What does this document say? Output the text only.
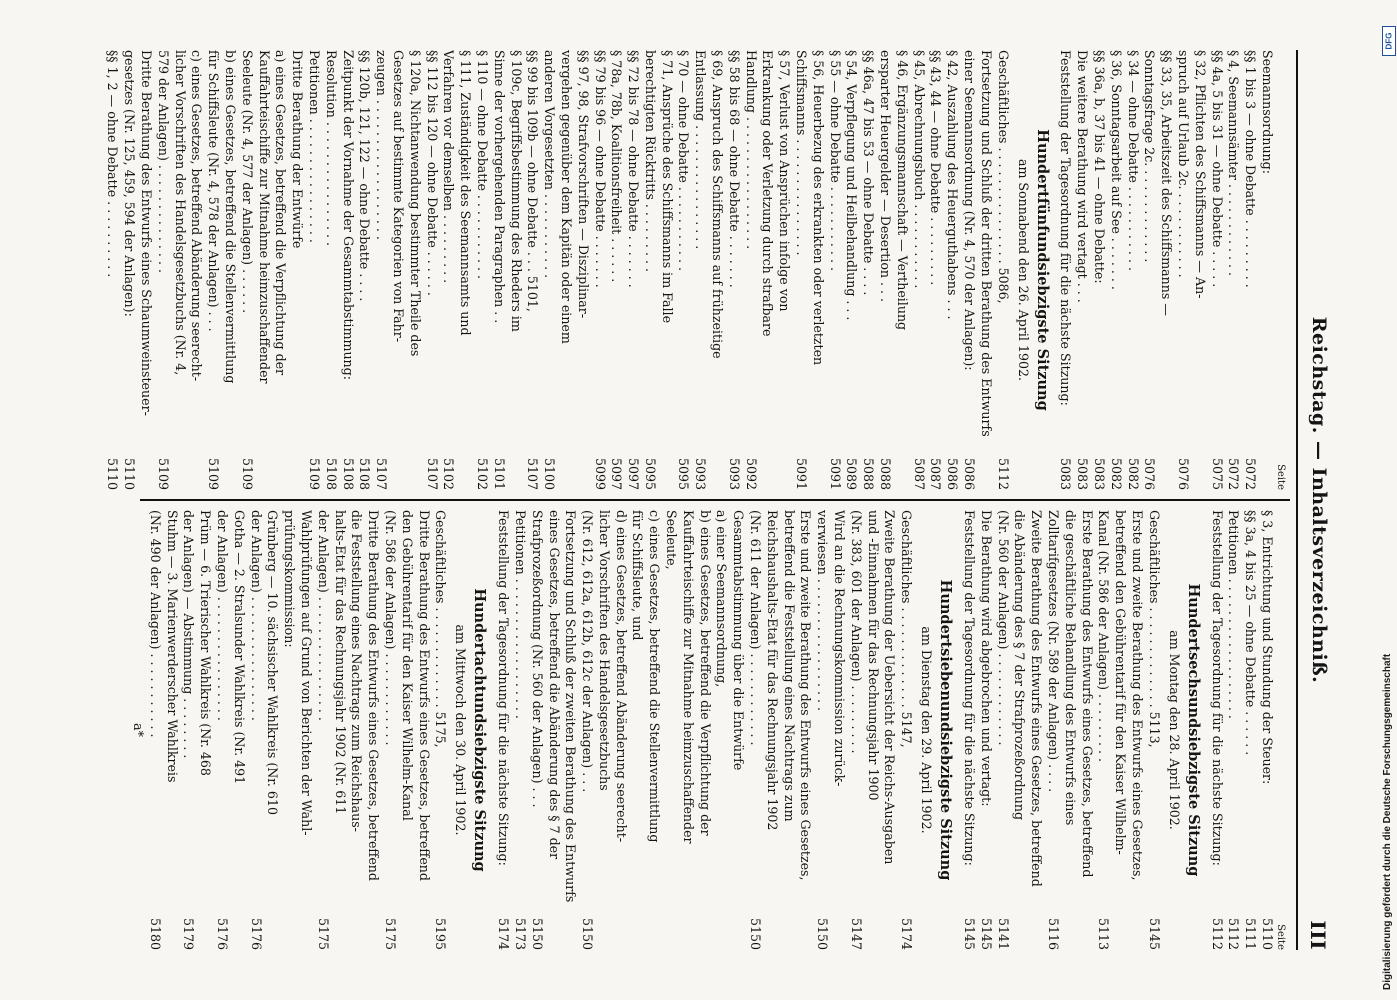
Reichstag. — Inhaltsverzeichniß.
III
Seite
Seemannsordnung:
§§ 1 bis 3 — ohne Debatte . . . . . . . . .
5072
§ 4, Seemannsämter . . . . . . . . . . . .
5072
§§ 4a, 5 bis 31 — ohne Debatte . . . . .
5075
§ 32, Pflichten des Schiffsmanns — An-
spruch auf Urlaub 2c. . . . . . . . . . . .
5076
§§ 33, 35, Arbeitszeit des Schiffsmanns —
Sonntagsfrage 2c. . . . . . . . . . . . .
5076
§ 34 — ohne Debatte . . . . . . . . . . .
5082
§ 36, Sonntagsarbeit auf See . . . . . . .
5082
§§ 36a, b, 37 bis 41 — ohne Debatte:
5083
Die weitere Berathung wird vertagt . . .
5083
Feststellung der Tagesordnung für die nächste Sitzung:
5083
Hundertfünfundsiebzigste Sitzung
am Sonnabend den 26. April 1902.
Geschäftliches . . . . . . . . . . . . . . . 5086,
5112
Fortsetzung und Schluß der dritten Berathung des Entwurfs
einer Seemannsordnung (Nr. 4, 570 der Anlagen):
5086
§ 42, Auszahlung des Heuerguthabens . . .
5086
§§ 43, 44 — ohne Debatte . . . . . . . . .
5087
§ 45, Abrechnungsbuch . . . . . . . . . . .
5087
§ 46, Ergänzungsmannschaft — Vertheilung
ersparter Heuergelder — Desertion . . .
5088
§§ 46a, 47 bis 53 — ohne Debatte . . . .
5088
§ 54, Verpflegung und Heilbehandlung . . .
5089
§ 55 — ohne Debatte . . . . . . . . . . .
5091
§ 56, Heuerbezug des erkrankten oder verletzten
Schiffsmanns . . . . . . . . . . . . . . .
5091
§ 57, Verlust von Ansprüchen infolge von
Erkrankung oder Verletzung durch strafbare
Handlung . . . . . . . . . . . . . . . . .
5092
§§ 58 bis 68 — ohne Debatte . . . . . . .
5093
§ 69, Anspruch des Schiffsmanns auf frühzeitige
Entlassung . . . . . . . . . . . . . . . .
5093
§ 70 — ohne Debatte . . . . . . . . . . .
5095
§ 71, Ansprüche des Schiffsmanns im Falle
berechtigten Rücktritts . . . . . . . . .
5095
§§ 72 bis 78 — ohne Debatte . . . . . . .
5097
§ 78a, 78b, Koalitionsfreiheit . . . . . .
5097
§§ 79 bis 96 — ohne Debatte . . . . . . .
5099
§§ 97, 98, Strafvorschriften — Disziplinar-
vergehen gegenüber dem Kapitän oder einem
anderen Vorgesetzten . . . . . . . . . . .
5100
§§ 99 bis 109b — ohne Debatte . . . 5101,
5107
§ 109c, Begriffsbestimmung des Rheders im
Sinne der vorhergehenden Paragraphen . .
5101
§ 110 — ohne Debatte . . . . . . . . . . .
5102
§ 111, Zuständigkeit des Seemannsamts und
Verfahren vor demselben . . . . . . . . .
5102
§§ 112 bis 120 — ohne Debatte . . . . . .
5107
§ 120a, Nichtanwendung bestimmter Theile des
Gesetzes auf bestimmte Kategorien von Fahr-
zeugen . . . . . . . . . . . . . . . . . .
5107
§§ 120b, 121, 122 — ohne Debatte . . . .
5108
Zeitpunkt der Vornahme der Gesammtabstimmung:
5108
Resolution . . . . . . . . . . . . . . . .
5108
Petitionen . . . . . . . . . . . . . . . .
5109
Dritte Berathung der Entwürfe
a) eines Gesetzes, betreffend die Verpflichtung der
Kauffahrteischiffe zur Mitnahme heimzuschaffender
Seeleute (Nr. 4, 577 der Anlagen) . . . . . .
5109
b) eines Gesetzes, betreffend die Stellenvermittlung
für Schiffsleute (Nr. 4, 578 der Anlagen) . . .
5109
c) eines Gesetzes, betreffend Abänderung seerecht-
licher Vorschriften des Handelsgesetzbuchs (Nr. 4,
579 der Anlagen) . . . . . . . . . . . . . .
5109
Dritte Berathung des Entwurfs eines Schaumweinsteuer-
gesetzes (Nr. 125, 459, 594 der Anlagen):
5110
§§ 1, 2 — ohne Debatte . . . . . . . . . .
5110
Seite
§ 3, Entrichtung und Stundung der Steuer:
5110
§§ 3a, 4 bis 25 — ohne Debatte . . . . . .
5111
Petitionen . . . . . . . . . . . . . . . . . .
5112
Feststellung der Tagesordnung für die nächste Sitzung:
5112
Hundertsechsundsiebzigste Sitzung
am Montag den 28. April 1902.
Geschäftliches . . . . . . . . . . . . . 5113,
5145
Erste und zweite Berathung des Entwurfs eines Gesetzes,
betreffend den Gebührentarif für den Kaiser Wilhelm-
Kanal (Nr. 586 der Anlagen) . . . . . . . . .
5113
Erste Berathung des Entwurfs eines Gesetzes, betreffend
die geschäftliche Behandlung des Entwurfs eines
Zolltarifgesetzes (Nr. 589 der Anlagen) . . . .
5116
Zweite Berathung des Entwurfs eines Gesetzes, betreffend
die Abänderung des § 7 der Strafprozeßordnung
(Nr. 560 der Anlagen) . . . . . . . . . . . .
5141
Die Berathung wird abgebrochen und vertagt:
5145
Feststellung der Tagesordnung für die nächste Sitzung:
5145
Hundertsiebenundsiebzigste Sitzung
am Dienstag den 29. April 1902.
Geschäftliches . . . . . . . . . . . . . 5147,
5174
Zweite Berathung der Uebersicht der Reichs-Ausgaben
und -Einnahmen für das Rechnungsjahr 1900
(Nr. 383, 601 der Anlagen) . . . . . . . . .
5147
Wird an die Rechnungskommission zurück-
verwiesen . . . . . . . . . . . . . . . . .
5150
Erste und zweite Berathung des Entwurfs eines Gesetzes,
betreffend die Feststellung eines Nachtrags zum
Reichshaushalts-Etat für das Rechnungsjahr 1902
(Nr. 611 der Anlagen) . . . . . . . . . . . .
5150
Gesammtabstimmung über die Entwürfe
a) einer Seemannsordnung,
b) eines Gesetzes, betreffend die Verpflichtung der
Kauffahrteischiffe zur Mitnahme heimzuschaffender
Seeleute,
c) eines Gesetzes, betreffend die Stellenvermittlung
für Schiffsleute, und
d) eines Gesetzes, betreffend Abänderung seerecht-
licher Vorschriften des Handelsgesetzbuchs
(Nr. 612, 612a, 612b, 612c der Anlagen) . . .
5150
Fortsetzung und Schluß der zweiten Berathung des Entwurfs
eines Gesetzes, betreffend die Abänderung des § 7 der
Strafprozeßordnung (Nr. 560 der Anlagen) . . .
5150
Petitionen . . . . . . . . . . . . . . . . . .
5173
Feststellung der Tagesordnung für die nächste Sitzung:
5174
Hundertachtundsiebzigste Sitzung
am Mittwoch den 30. April 1902.
Geschäftliches . . . . . . . . . . . . . 5175,
5195
Dritte Berathung des Entwurfs eines Gesetzes, betreffend
den Gebührentarif für den Kaiser Wilhelm-Kanal
(Nr. 586 der Anlagen) . . . . . . . . . . . .
5175
Dritte Berathung des Entwurfs eines Gesetzes, betreffend
die Feststellung eines Nachtrags zum Reichshaus-
halts-Etat für das Rechnungsjahr 1902 (Nr. 611
der Anlagen) . . . . . . . . . . . . . . . .
5175
Wahlprüfungen auf Grund von Berichten der Wahl-
prüfungskommission:
Grünberg — 10. sächsischer Wahlkreis (Nr. 610
der Anlagen) . . . . . . . . . . . . . . . .
5176
Gotha — 2. Stralsunder Wahlkreis (Nr. 491
der Anlagen) . . . . . . . . . . . . . . . .
5176
Prüm — 6. Trierischer Wahlkreis (Nr. 468
der Anlagen) — Abstimmung . . . . . . . .
5179
Stuhm — 3. Marienwerderscher Wahlkreis
(Nr. 490 der Anlagen) . . . . . . . . . . .
5180
a*	Digitalisierung gefördert durch die Deutsche Forschungsgemeinschaft
DFG
